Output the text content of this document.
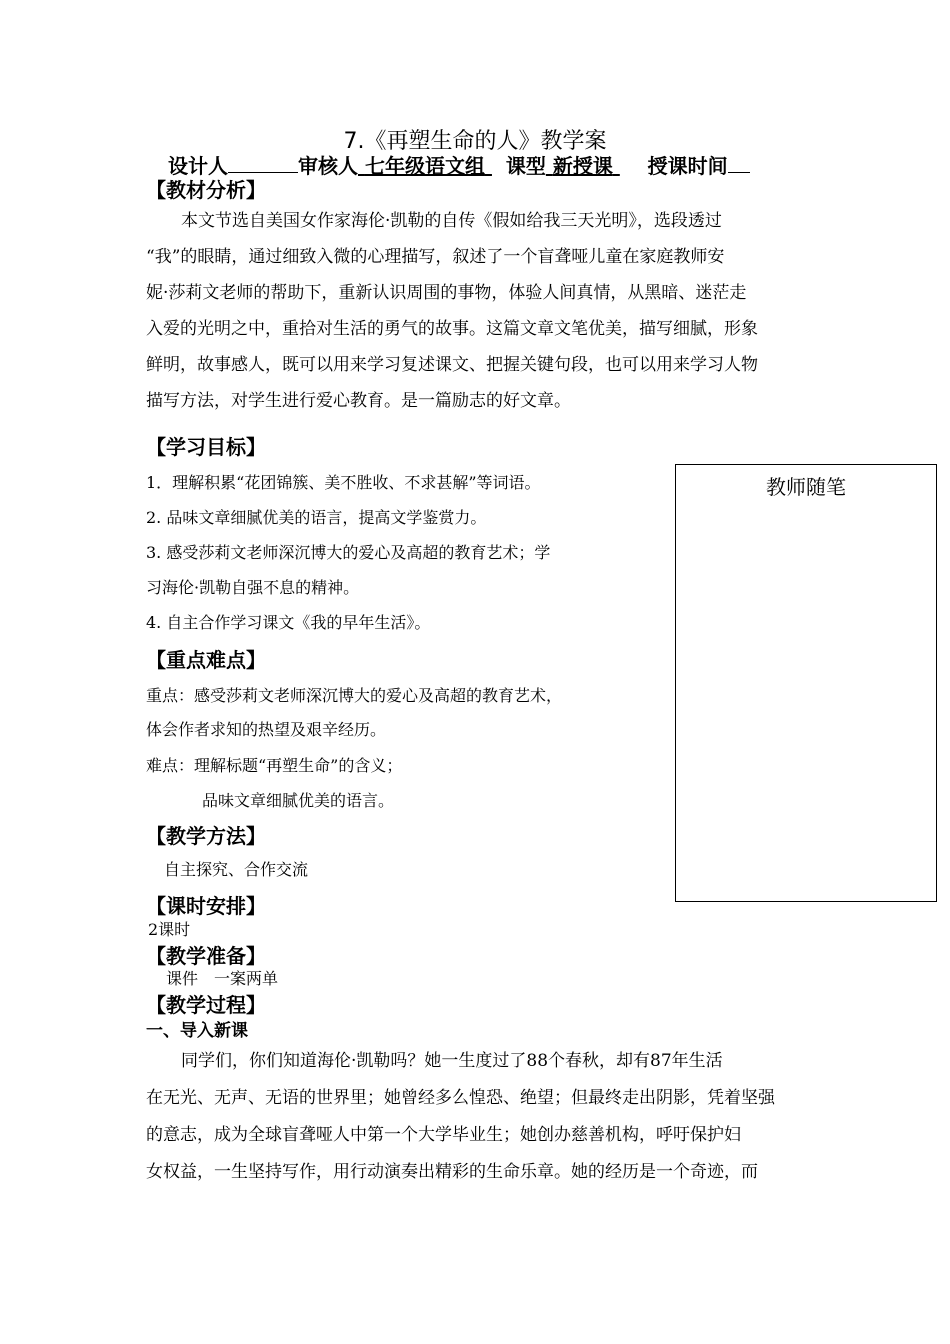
7.《再塑生命的人》教学案
设计人	审核人 七年级语文组 课型 新授课 授课时间
【教材分析】
本文节选自美国女作家海伦·凯勒的自传《假如给我三天光明》，选段透过
“我”的眼睛，通过细致入微的心理描写，叙述了一个盲聋哑儿童在家庭教师安
妮·莎莉文老师的帮助下，重新认识周围的事物，体验人间真情，从黑暗、迷茫走
入爱的光明之中，重拾对生活的勇气的故事。这篇文章文笔优美，描写细腻，形象
鲜明，故事感人，既可以用来学习复述课文、把握关键句段，也可以用来学习人物
描写方法，对学生进行爱心教育。是一篇励志的好文章。
【学习目标】
1．理解积累“花团锦簇、美不胜收、不求甚解”等词语。
2. 品味文章细腻优美的语言，提高文学鉴赏力。
3. 感受莎莉文老师深沉博大的爱心及高超的教育艺术；学
习海伦·凯勒自强不息的精神。
4. 自主合作学习课文《我的早年生活》。
【重点难点】
重点：感受莎莉文老师深沉博大的爱心及高超的教育艺术，
体会作者求知的热望及艰辛经历。
难点：理解标题“再塑生命”的含义；
品味文章细腻优美的语言。
【教学方法】
自主探究、合作交流
【课时安排】
2课时
【教学准备】
课件　一案两单
【教学过程】
一、导入新课
同学们，你们知道海伦·凯勒吗？她一生度过了88个春秋，却有87年生活
在无光、无声、无语的世界里；她曾经多么惶恐、绝望；但最终走出阴影，凭着坚强
的意志，成为全球盲聋哑人中第一个大学毕业生；她创办慈善机构，呼吁保护妇
女权益，一生坚持写作，用行动演奏出精彩的生命乐章。她的经历是一个奇迹，而
教师随笔
